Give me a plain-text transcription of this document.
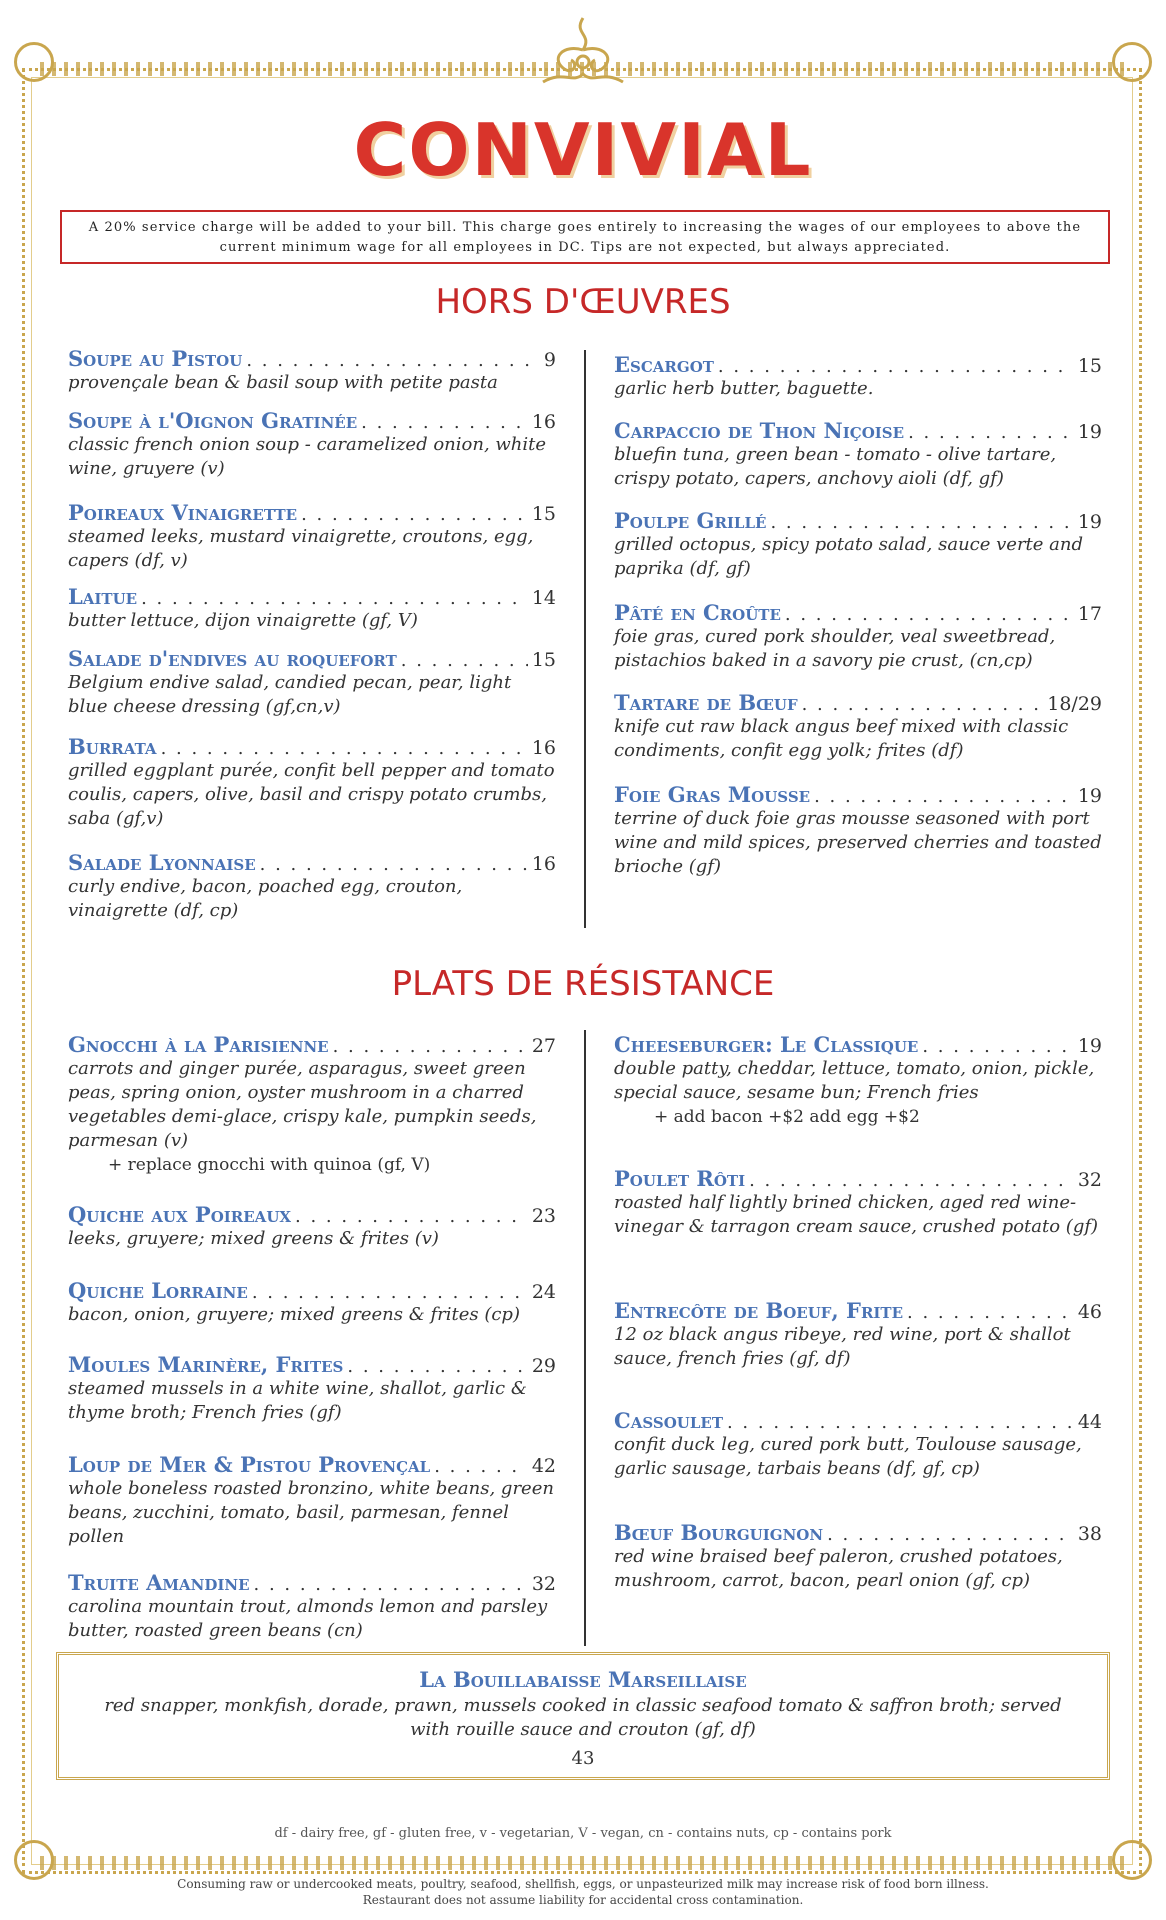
CONVIVIAL
A 20% service charge will be added to your bill. This charge goes entirely to increasing the wages of our employees to above the current minimum wage for all employees in DC. Tips are not expected, but always appreciated.
HORS D'ŒUVRES
Soupe au Pistou . . .	9
provençale bean & basil soup with petite pasta
Soupe à l'Oignon Gratinée . . .	16
classic french onion soup - caramelized onion, white wine, gruyere (v)
Poireaux Vinaigrette . . .	15
steamed leeks, mustard vinaigrette, croutons, egg, capers (df, v)
Laitue . . .	14
butter lettuce, dijon vinaigrette (gf, V)
Salade d'endives au roquefort . . .	15
Belgium endive salad, candied pecan, pear, light blue cheese dressing (gf,cn,v)
Burrata . . .	16
grilled eggplant purée, confit bell pepper and tomato coulis, capers, olive, basil and crispy potato crumbs, saba (gf,v)
Salade Lyonnaise . . .	16
curly endive, bacon, poached egg, crouton, vinaigrette (df, cp)
Escargot . . .	15
garlic herb butter, baguette.
Carpaccio de Thon Niçoise . . .	19
bluefin tuna, green bean - tomato - olive tartare, crispy potato, capers, anchovy aioli (df, gf)
Poulpe Grillé . . .	19
grilled octopus, spicy potato salad, sauce verte and paprika (df, gf)
Pâté en Croûte . . .	17
foie gras, cured pork shoulder, veal sweetbread, pistachios baked in a savory pie crust, (cn,cp)
Tartare de Bœuf . . .	18/29
knife cut raw black angus beef mixed with classic condiments, confit egg yolk; frites (df)
Foie Gras Mousse . . .	19
terrine of duck foie gras mousse seasoned with port wine and mild spices, preserved cherries and toasted brioche (gf)
PLATS DE RÉSISTANCE
Gnocchi à la Parisienne . . .	27
carrots and ginger purée, asparagus, sweet green peas, spring onion, oyster mushroom in a charred vegetables demi-glace, crispy kale, pumpkin seeds, parmesan (v)
+ replace gnocchi with quinoa (gf, V)
Quiche aux Poireaux . . .	23
leeks, gruyere; mixed greens & frites (v)
Quiche Lorraine . . .	24
bacon, onion, gruyere; mixed greens & frites (cp)
Moules Marinère, Frites . . .	29
steamed mussels in a white wine, shallot, garlic & thyme broth; French fries (gf)
Loup de Mer & Pistou Provençal . . .	42
whole boneless roasted bronzino, white beans, green beans, zucchini, tomato, basil, parmesan, fennel pollen
Truite Amandine . . .	32
carolina mountain trout, almonds lemon and parsley butter, roasted green beans (cn)
Cheeseburger: Le Classique . . .	19
double patty, cheddar, lettuce, tomato, onion, pickle, special sauce, sesame bun; French fries
+ add bacon +$2 add egg +$2
Poulet Rôti . . .	32
roasted half lightly brined chicken, aged red wine-vinegar & tarragon cream sauce, crushed potato (gf)
Entrecôte de Boeuf, Frite . . .	46
12 oz black angus ribeye, red wine, port & shallot sauce, french fries (gf, df)
Cassoulet . . .	44
confit duck leg, cured pork butt, Toulouse sausage, garlic sausage, tarbais beans (df, gf, cp)
Bœuf Bourguignon . . .	38
red wine braised beef paleron, crushed potatoes, mushroom, carrot, bacon, pearl onion (gf, cp)
La Bouillabaisse Marseillaise
red snapper, monkfish, dorade, prawn, mussels cooked in classic seafood tomato & saffron broth; served with rouille sauce and crouton (gf, df)
43
df - dairy free, gf - gluten free, v - vegetarian, V - vegan, cn - contains nuts, cp - contains pork
Consuming raw or undercooked meats, poultry, seafood, shellfish, eggs, or unpasteurized milk may increase risk of food born illness.
Restaurant does not assume liability for accidental cross contamination.
